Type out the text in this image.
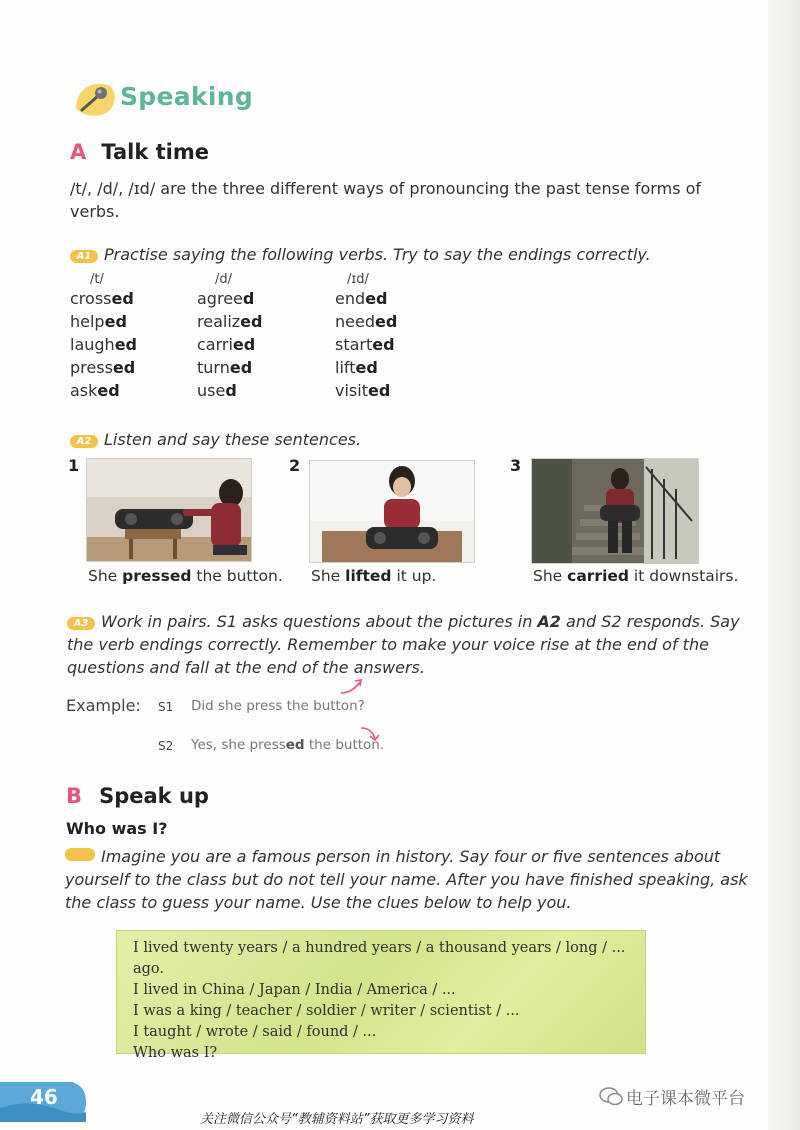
Speaking
A Talk time
/t/, /d/, /ɪd/ are the three different ways of pronouncing the past tense forms of
verbs.
A1 Practise saying the following verbs. Try to say the endings correctly.
/t/
crossed
helped
laughed
pressed
asked
/d/
agreed
realized
carried
turned
used
/ɪd/
ended
needed
started
lifted
visited
A2 Listen and say these sentences.
1
She pressed the button.
2
She lifted it up.
3
She carried it downstairs.
A3 Work in pairs. S1 asks questions about the pictures in A2 and S2 responds. Say
the verb endings correctly. Remember to make your voice rise at the end of the
questions and fall at the end of the answers.
Example: S1 Did she press the button?
S2 Yes, she pressed the button.
B Speak up
Who was I?
Imagine you are a famous person in history. Say four or five sentences about
yourself to the class but do not tell your name. After you have finished speaking, ask
the class to guess your name. Use the clues below to help you.
I lived twenty years / a hundred years / a thousand years / long / ... ago.
I lived in China / Japan / India / America / ...
I was a king / teacher / soldier / writer / scientist / ...
I taught / wrote / said / found / ...
Who was I?
46	电子课本微平台
关注微信公众号“教辅资料站”获取更多学习资料
